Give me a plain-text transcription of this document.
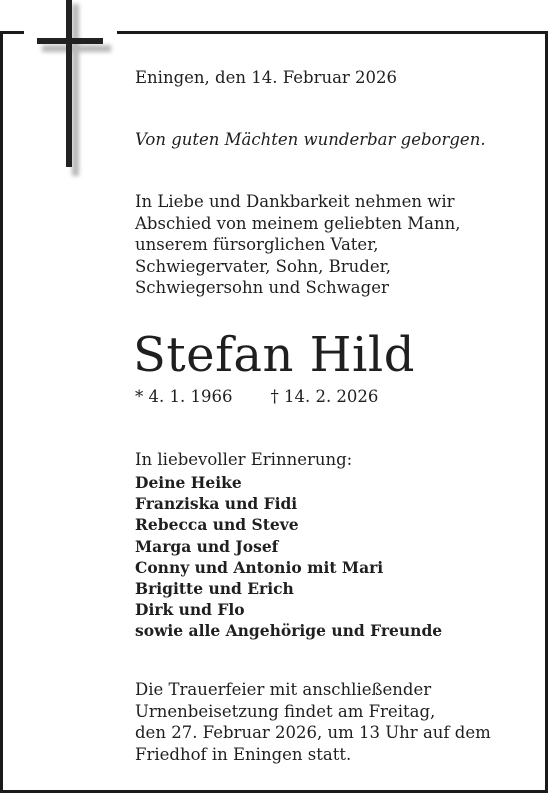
Eningen, den 14. Februar 2026
Von guten Mächten wunderbar geborgen.
In Liebe und Dankbarkeit nehmen wir
Abschied von meinem geliebten Mann,
unserem fürsorglichen Vater,
Schwiegervater, Sohn, Bruder,
Schwiegersohn und Schwager
Stefan Hild
* 4. 1. 1966 † 14. 2. 2026
In liebevoller Erinnerung:
Deine Heike
Franziska und Fidi
Rebecca und Steve
Marga und Josef
Conny und Antonio mit Mari
Brigitte und Erich
Dirk und Flo
sowie alle Angehörige und Freunde
Die Trauerfeier mit anschließender
Urnenbeisetzung findet am Freitag,
den 27. Februar 2026, um 13 Uhr auf dem
Friedhof in Eningen statt.
